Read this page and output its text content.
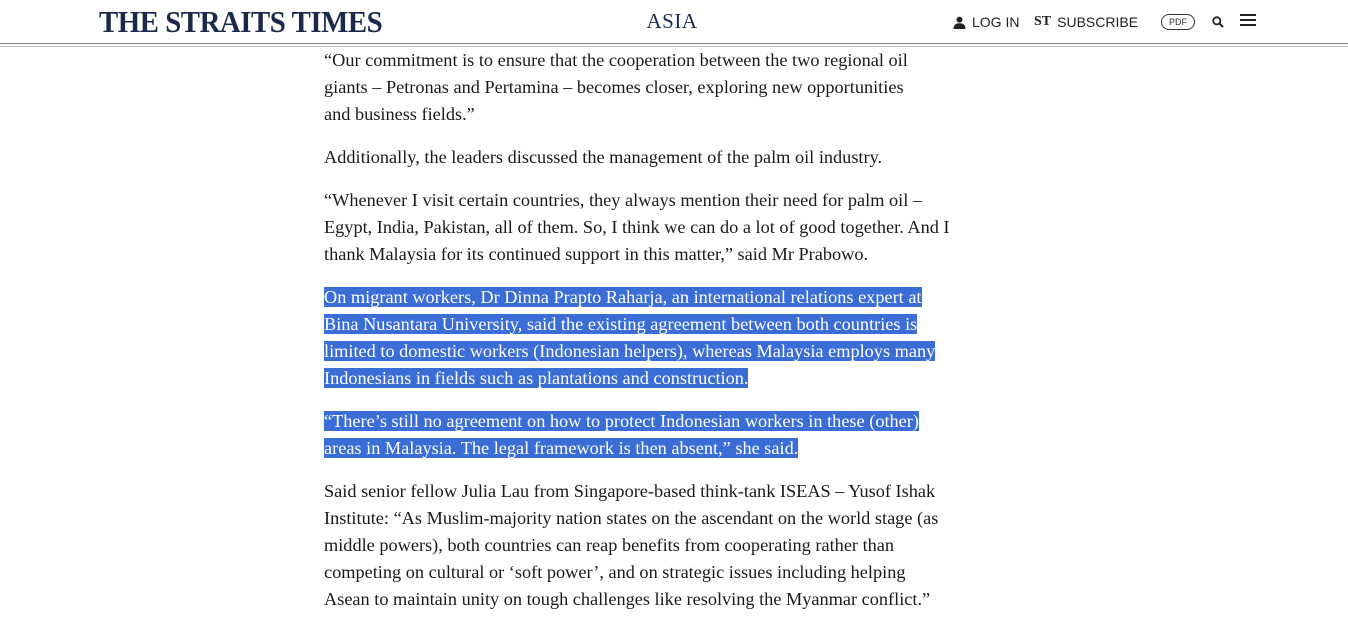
THE STRAITS TIMES	ASIA	LOG IN ST SUBSCRIBE	PDF
“Our commitment is to ensure that the cooperation between the two regional oil
giants – Petronas and Pertamina – becomes closer, exploring new opportunities
and business fields.”
Additionally, the leaders discussed the management of the palm oil industry.
“Whenever I visit certain countries, they always mention their need for palm oil –
Egypt, India, Pakistan, all of them. So, I think we can do a lot of good together. And I
thank Malaysia for its continued support in this matter,” said Mr Prabowo.
On migrant workers, Dr Dinna Prapto Raharja, an international relations expert at
Bina Nusantara University, said the existing agreement between both countries is
limited to domestic workers (Indonesian helpers), whereas Malaysia employs many
Indonesians in fields such as plantations and construction.
“There’s still no agreement on how to protect Indonesian workers in these (other)
areas in Malaysia. The legal framework is then absent,” she said.
Said senior fellow Julia Lau from Singapore-based think-tank ISEAS – Yusof Ishak
Institute: “As Muslim-majority nation states on the ascendant on the world stage (as
middle powers), both countries can reap benefits from cooperating rather than
competing on cultural or ‘soft power’, and on strategic issues including helping
Asean to maintain unity on tough challenges like resolving the Myanmar conflict.”
